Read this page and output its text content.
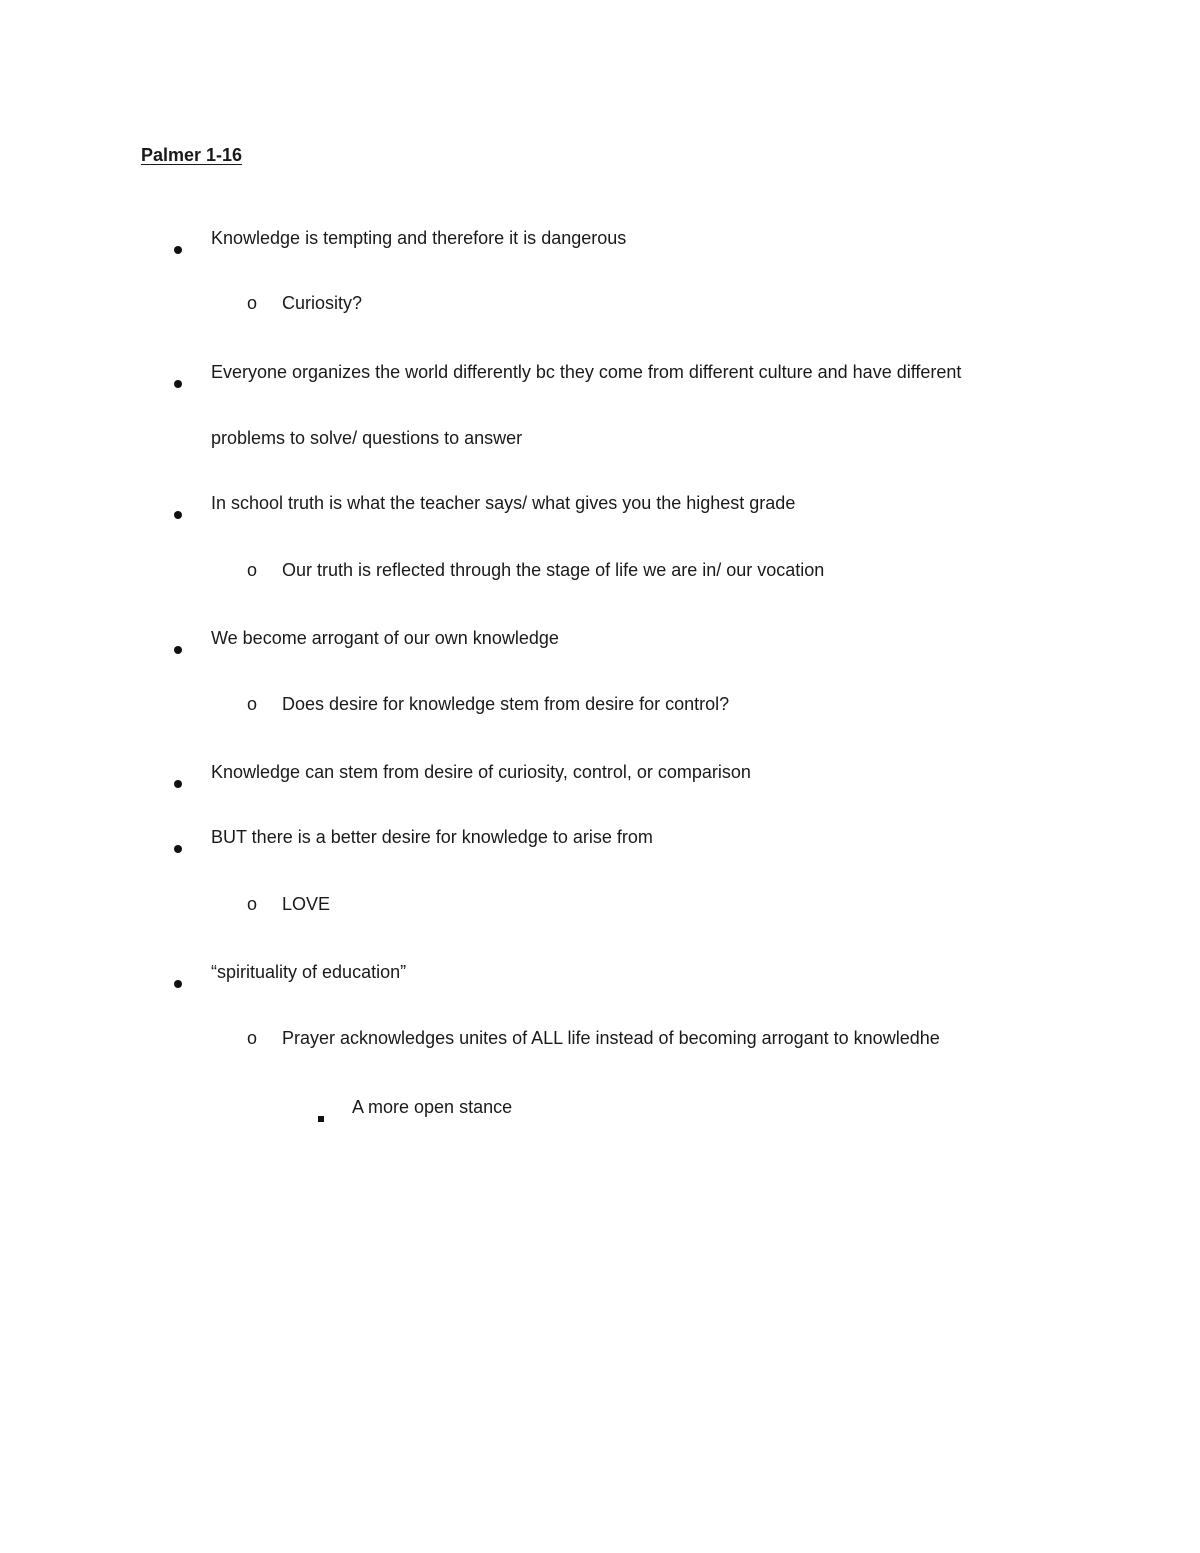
Palmer 1-16
Knowledge is tempting and therefore it is dangerous
o Curiosity?
Everyone organizes the world differently bc they come from different culture and have different
problems to solve/ questions to answer
In school truth is what the teacher says/ what gives you the highest grade
o Our truth is reflected through the stage of life we are in/ our vocation
We become arrogant of our own knowledge
o Does desire for knowledge stem from desire for control?
Knowledge can stem from desire of curiosity, control, or comparison
BUT there is a better desire for knowledge to arise from
o LOVE
“spirituality of education”
o Prayer acknowledges unites of ALL life instead of becoming arrogant to knowledhe
A more open stance
